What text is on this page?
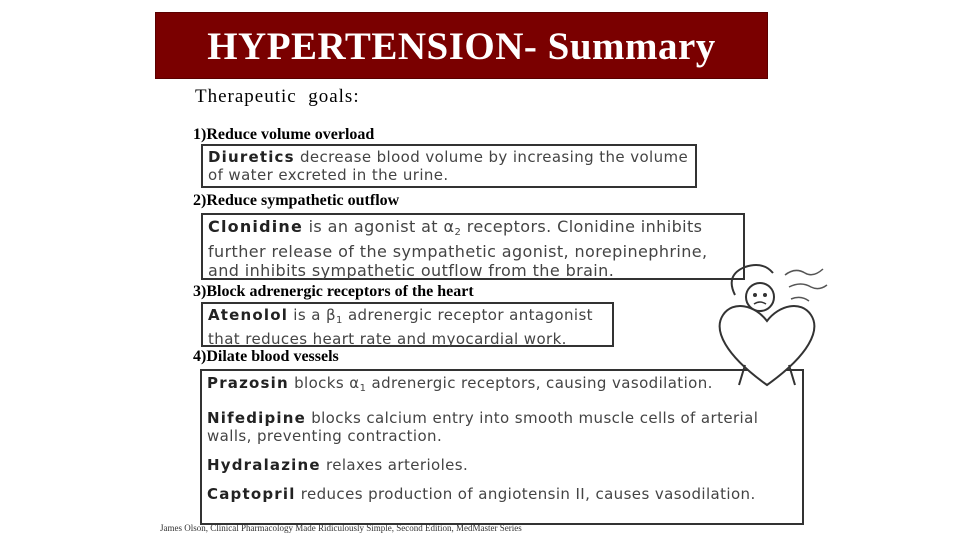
HYPERTENSION- Summary
Therapeutic  goals:
1)Reduce volume overload
Diuretics decrease blood volume by increasing the volume of water excreted in the urine.
2)Reduce sympathetic outflow
Clonidine is an agonist at $\alpha_2$ receptors. Clonidine inhibits further release of the sympathetic agonist, norepinephrine, and inhibits sympathetic outflow from the brain.
3)Block adrenergic receptors of the heart
Atenolol is a $\beta_1$ adrenergic receptor antagonist that reduces heart rate and myocardial work.
4)Dilate blood vessels
Prazosin blocks $\alpha_1$ adrenergic receptors, causing vasodilation.
Nifedipine blocks calcium entry into smooth muscle cells of arterial walls, preventing contraction.
Hydralazine relaxes arterioles.
Captopril reduces production of angiotensin II, causes vasodilation.
James Olson, Clinical Pharmacology Made Ridiculously Simple, Second Edition, MedMaster Series
